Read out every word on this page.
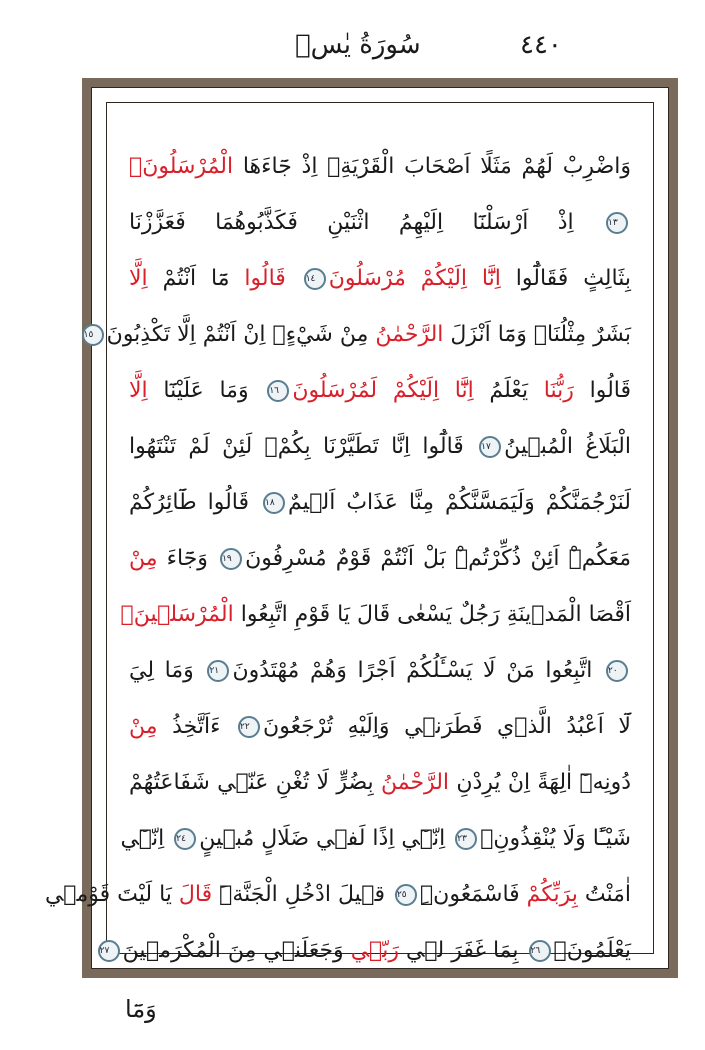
٤٤٠
سُورَةُ يٰسۤ
وَاضْرِبْ لَهُمْ مَثَلًا اَصْحَابَ الْقَرْيَةِۢ اِذْ جَٓاءَهَا الْمُرْسَلُونَۚ
١٣ اِذْ اَرْسَلْنَٓا اِلَيْهِمُ اثْنَيْنِ فَكَذَّبُوهُمَا فَعَزَّزْنَا
بِثَالِثٍ فَقَالُٓوا اِنَّٓا اِلَيْكُمْ مُرْسَلُونَ١٤ قَالُوا مَٓا اَنْتُمْ اِلَّا
بَشَرٌ مِثْلُنَاۙ وَمَٓا اَنْزَلَ الرَّحْمٰنُ مِنْ شَيْءٍۙ اِنْ اَنْتُمْ اِلَّا تَكْذِبُونَ١٥
قَالُوا رَبُّنَا يَعْلَمُ اِنَّٓا اِلَيْكُمْ لَمُرْسَلُونَ١٦ وَمَا عَلَيْنَٓا اِلَّا
الْبَلَاغُ الْمُب۪ينُ١٧ قَالُٓوا اِنَّا تَطَيَّرْنَا بِكُمْۚ لَئِنْ لَمْ تَنْتَهُوا
لَنَرْجُمَنَّكُمْ وَلَيَمَسَّنَّكُمْ مِنَّا عَذَابٌ اَل۪يمٌ١٨ قَالُوا طَٓائِرُكُمْ
مَعَكُمْۜ اَئِنْ ذُكِّرْتُمْۜ بَلْ اَنْتُمْ قَوْمٌ مُسْرِفُونَ١٩ وَجَٓاءَ مِنْ
اَقْصَا الْمَد۪ينَةِ رَجُلٌ يَسْعٰى قَالَ يَا قَوْمِ اتَّبِعُوا الْمُرْسَل۪ينَۙ
٢٠ اتَّبِعُوا مَنْ لَا يَسْـَٔلُكُمْ اَجْرًا وَهُمْ مُهْتَدُونَ٢١ وَمَا لِيَ
لَٓا اَعْبُدُ الَّذ۪ي فَطَرَن۪ي وَاِلَيْهِ تُرْجَعُونَ٢٢ ءَاَتَّخِذُ مِنْ
دُونِه۪ٓ اٰلِهَةً اِنْ يُرِدْنِ الرَّحْمٰنُ بِضُرٍّ لَا تُغْنِ عَنّ۪ي شَفَاعَتُهُمْ
شَيْـًٔا وَلَا يُنْقِذُونِۚ٢٣ اِنّ۪ٓي اِذًا لَف۪ي ضَلَالٍ مُب۪ينٍ٢٤ اِنّ۪ٓي
اٰمَنْتُ بِرَبِّكُمْ فَاسْمَعُونِۜ٢٥ ق۪يلَ ادْخُلِ الْجَنَّةَۜ قَالَ يَا لَيْتَ قَوْم۪ي
يَعْلَمُونَۙ٢٦ بِمَا غَفَرَ ل۪ي رَبّ۪ي وَجَعَلَن۪ي مِنَ الْمُكْرَم۪ينَ٢٧
وَمَٓا
